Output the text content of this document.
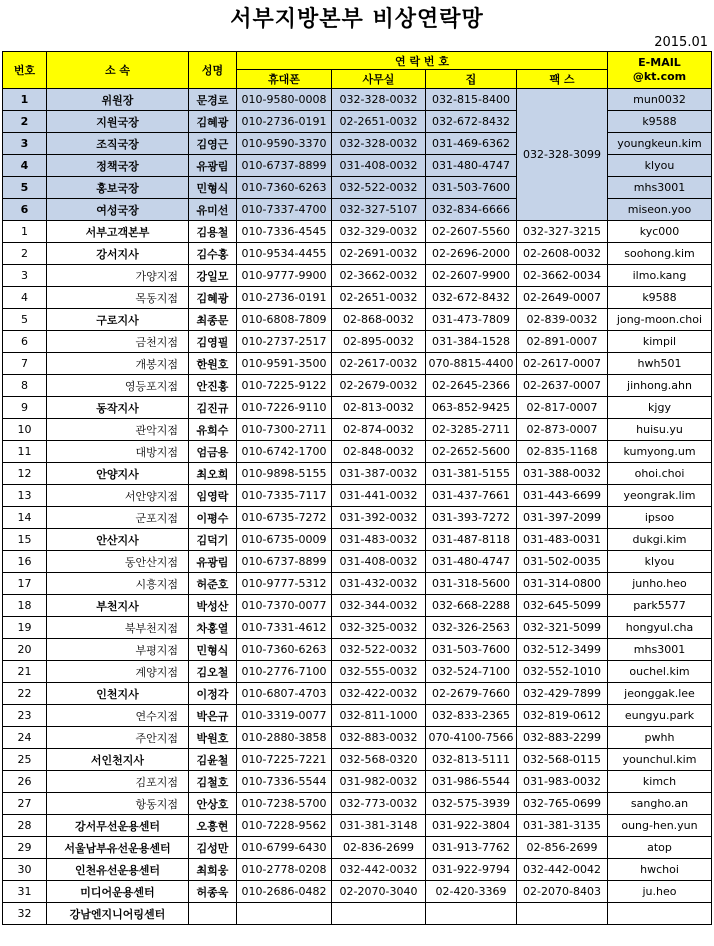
서부지방본부 비상연락망
2015.01
번호	소 속	성명	연 락 번 호				E-MAIL
@kt.com
			휴대폰	사무실	집	팩 스	
1	위원장	문경로	010-9580-0008	032-328-0032	032-815-8400	032-328-3099	mun0032
2	지원국장	김혜광	010-2736-0191	02-2651-0032	032-672-8432		k9588
3	조직국장	김영근	010-9590-3370	032-328-0032	031-469-6362		youngkeun.kim
4	정책국장	유광림	010-6737-8899	031-408-0032	031-480-4747		klyou
5	홍보국장	민형식	010-7360-6263	032-522-0032	031-503-7600		mhs3001
6	여성국장	유미선	010-7337-4700	032-327-5107	032-834-6666		miseon.yoo
1	서부고객본부	김용철	010-7336-4545	032-329-0032	02-2607-5560	032-327-3215	kyc000
2	강서지사	김수홍	010-9534-4455	02-2691-0032	02-2696-2000	02-2608-0032	soohong.kim
3	가양지점	강일모	010-9777-9900	02-3662-0032	02-2607-9900	02-3662-0034	ilmo.kang
4	목동지점	김혜광	010-2736-0191	02-2651-0032	032-672-8432	02-2649-0007	k9588
5	구로지사	최종문	010-6808-7809	02-868-0032	031-473-7809	02-839-0032	jong-moon.choi
6	금천지점	김영필	010-2737-2517	02-895-0032	031-384-1528	02-891-0007	kimpil
7	개봉지점	한원호	010-9591-3500	02-2617-0032	070-8815-4400	02-2617-0007	hwh501
8	영등포지점	안진홍	010-7225-9122	02-2679-0032	02-2645-2366	02-2637-0007	jinhong.ahn
9	동작지사	김진규	010-7226-9110	02-813-0032	063-852-9425	02-817-0007	kjgy
10	관악지점	유희수	010-7300-2711	02-874-0032	02-3285-2711	02-873-0007	huisu.yu
11	대방지점	엄금용	010-6742-1700	02-848-0032	02-2652-5600	02-835-1168	kumyong.um
12	안양지사	최오희	010-9898-5155	031-387-0032	031-381-5155	031-388-0032	ohoi.choi
13	서안양지점	임영락	010-7335-7117	031-441-0032	031-437-7661	031-443-6699	yeongrak.lim
14	군포지점	이평수	010-6735-7272	031-392-0032	031-393-7272	031-397-2099	ipsoo
15	안산지사	김덕기	010-6735-0009	031-483-0032	031-487-8118	031-483-0031	dukgi.kim
16	동안산지점	유광림	010-6737-8899	031-408-0032	031-480-4747	031-502-0035	klyou
17	시흥지점	허준호	010-9777-5312	031-432-0032	031-318-5600	031-314-0800	junho.heo
18	부천지사	박성산	010-7370-0077	032-344-0032	032-668-2288	032-645-5099	park5577
19	북부천지점	차홍열	010-7331-4612	032-325-0032	032-326-2563	032-321-5099	hongyul.cha
20	부평지점	민형식	010-7360-6263	032-522-0032	031-503-7600	032-512-3499	mhs3001
21	계양지점	김오철	010-2776-7100	032-555-0032	032-524-7100	032-552-1010	ouchel.kim
22	인천지사	이정각	010-6807-4703	032-422-0032	02-2679-7660	032-429-7899	jeonggak.lee
23	연수지점	박은규	010-3319-0077	032-811-1000	032-833-2365	032-819-0612	eungyu.park
24	주안지점	박원호	010-2880-3858	032-883-0032	070-4100-7566	032-883-2299	pwhh
25	서인천지사	김윤철	010-7225-7221	032-568-0320	032-813-5111	032-568-0115	younchul.kim
26	김포지점	김철호	010-7336-5544	031-982-0032	031-986-5544	031-983-0032	kimch
27	항동지점	안상호	010-7238-5700	032-773-0032	032-575-3939	032-765-0699	sangho.an
28	강서무선운용센터	오흥현	010-7228-9562	031-381-3148	031-922-3804	031-381-3135	oung-hen.yun
29	서울남부유선운용센터	김성만	010-6799-6430	02-836-2699	031-913-7762	02-856-2699	atop
30	인천유선운용센터	최희웅	010-2778-0208	032-442-0032	031-922-9794	032-442-0042	hwchoi
31	미디어운용센터	허종욱	010-2686-0482	02-2070-3040	02-420-3369	02-2070-8403	ju.heo
32	강남엔지니어링센터						
